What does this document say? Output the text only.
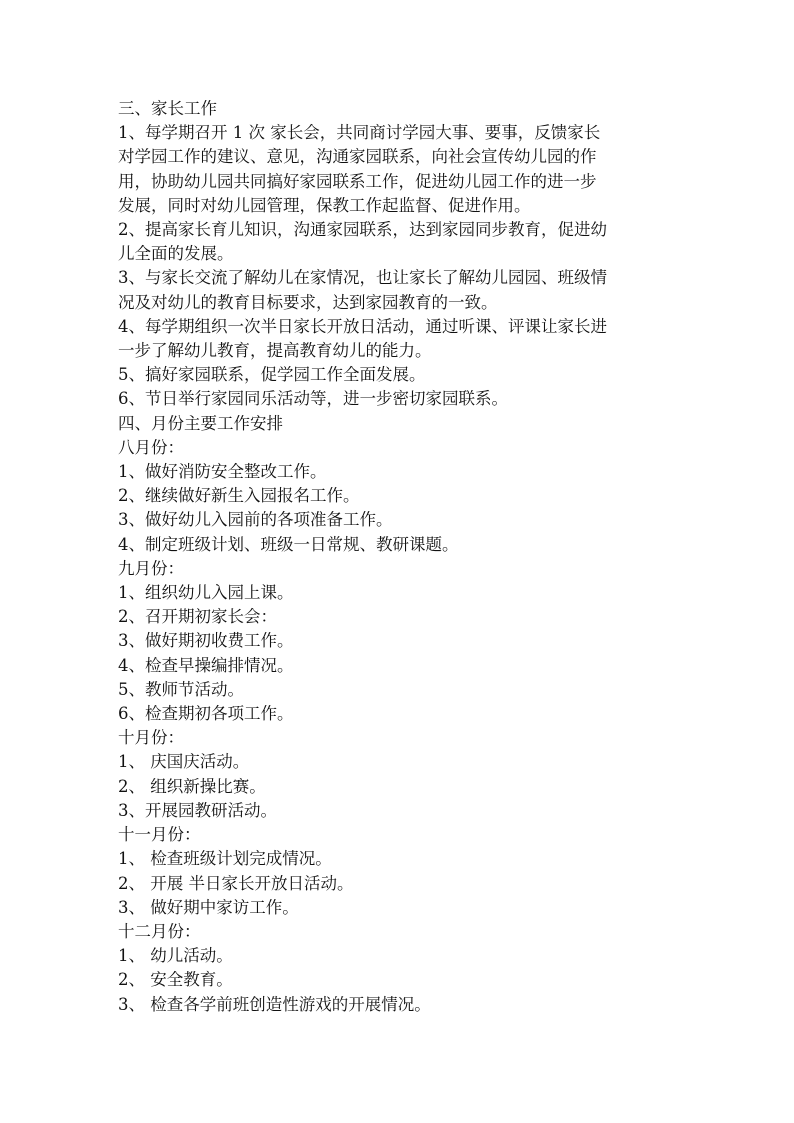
三、家长工作
1、每学期召开 1 次 家长会，共同商讨学园大事、要事，反馈家长
对学园工作的建议、意见，沟通家园联系，向社会宣传幼儿园的作
用，协助幼儿园共同搞好家园联系工作，促进幼儿园工作的进一步
发展，同时对幼儿园管理，保教工作起监督、促进作用。
2、提高家长育儿知识，沟通家园联系，达到家园同步教育，促进幼
儿全面的发展。
3、与家长交流了解幼儿在家情况，也让家长了解幼儿园园、班级情
况及对幼儿的教育目标要求，达到家园教育的一致。
4、每学期组织一次半日家长开放日活动，通过听课、评课让家长进
一步了解幼儿教育，提高教育幼儿的能力。
5、搞好家园联系，促学园工作全面发展。
6、节日举行家园同乐活动等，进一步密切家园联系。
四、月份主要工作安排
八月份：
1、做好消防安全整改工作。
2、继续做好新生入园报名工作。
3、做好幼儿入园前的各项准备工作。
4、制定班级计划、班级一日常规、教研课题。
九月份：
1、组织幼儿入园上课。
2、召开期初家长会：
3、做好期初收费工作。
4、检查早操编排情况。
5、教师节活动。
6、检查期初各项工作。
十月份：
1、 庆国庆活动。
2、 组织新操比赛。
3、开展园教研活动。
十一月份：
1、 检查班级计划完成情况。
2、 开展 半日家长开放日活动。
3、 做好期中家访工作。
十二月份：
1、 幼儿活动。
2、 安全教育。
3、 检查各学前班创造性游戏的开展情况。
